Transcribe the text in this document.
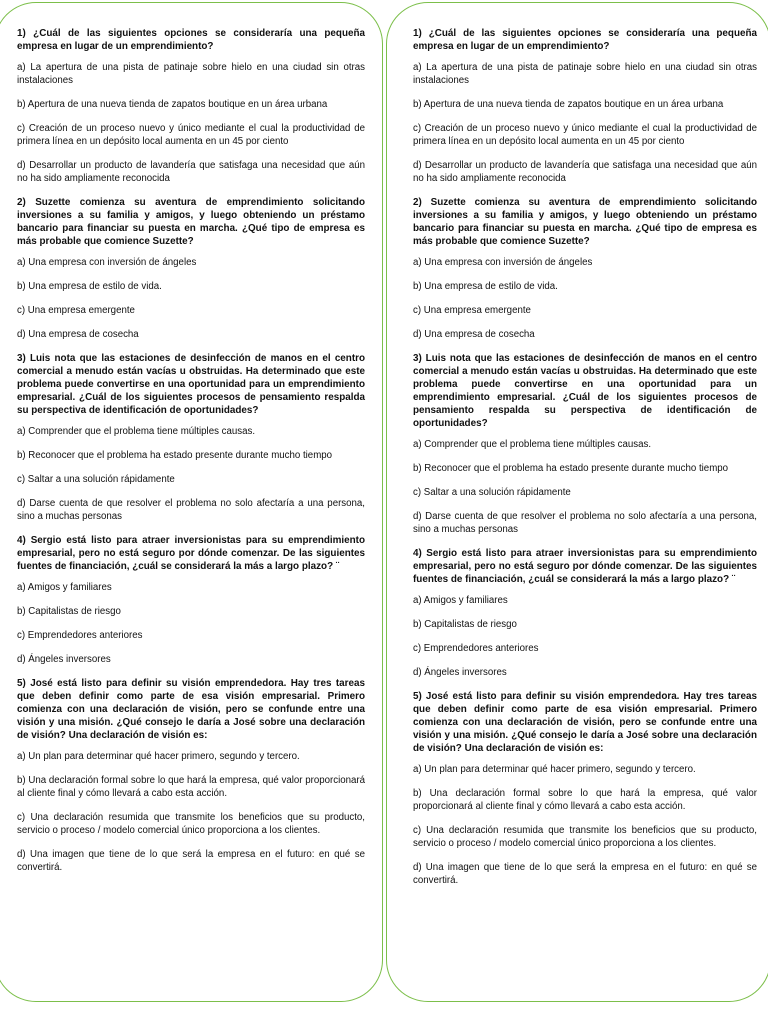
1) ¿Cuál de las siguientes opciones se consideraría una pequeña empresa en lugar de un emprendimiento?

a) La apertura de una pista de patinaje sobre hielo en una ciudad sin otras instalaciones

b) Apertura de una nueva tienda de zapatos boutique en un área urbana

c) Creación de un proceso nuevo y único mediante el cual la productividad de primera línea en un depósito local aumenta en un 45 por ciento

d) Desarrollar un producto de lavandería que satisfaga una necesidad que aún no ha sido ampliamente reconocida

2) Suzette comienza su aventura de emprendimiento solicitando inversiones a su familia y amigos, y luego obteniendo un préstamo bancario para financiar su puesta en marcha. ¿Qué tipo de empresa es más probable que comience Suzette?

a) Una empresa con inversión de ángeles

b) Una empresa de estilo de vida.

c) Una empresa emergente

d) Una empresa de cosecha

3) Luis nota que las estaciones de desinfección de manos en el centro comercial a menudo están vacías u obstruidas. Ha determinado que este problema puede convertirse en una oportunidad para un emprendimiento empresarial. ¿Cuál de los siguientes procesos de pensamiento respalda su perspectiva de identificación de oportunidades?

a) Comprender que el problema tiene múltiples causas.

b) Reconocer que el problema ha estado presente durante mucho tiempo

c) Saltar a una solución rápidamente

d) Darse cuenta de que resolver el problema no solo afectaría a una persona, sino a muchas personas

4) Sergio está listo para atraer inversionistas para su emprendimiento empresarial, pero no está seguro por dónde comenzar. De las siguientes fuentes de financiación, ¿cuál se considerará la más a largo plazo? ¨

a) Amigos y familiares

b) Capitalistas de riesgo

c) Emprendedores anteriores

d) Ángeles inversores

5) José está listo para definir su visión emprendedora. Hay tres tareas que deben definir como parte de esa visión empresarial. Primero comienza con una declaración de visión, pero se confunde entre una visión y una misión. ¿Qué consejo le daría a José sobre una declaración de visión? Una declaración de visión es:

a) Un plan para determinar qué hacer primero, segundo y tercero.

b) Una declaración formal sobre lo que hará la empresa, qué valor proporcionará al cliente final y cómo llevará a cabo esta acción.

c) Una declaración resumida que transmite los beneficios que su producto, servicio o proceso / modelo comercial único proporciona a los clientes.

d) Una imagen que tiene de lo que será la empresa en el futuro: en qué se convertirá.

1) ¿Cuál de las siguientes opciones se consideraría una pequeña empresa en lugar de un emprendimiento?

a) La apertura de una pista de patinaje sobre hielo en una ciudad sin otras instalaciones

b) Apertura de una nueva tienda de zapatos boutique en un área urbana

c) Creación de un proceso nuevo y único mediante el cual la productividad de primera línea en un depósito local aumenta en un 45 por ciento

d) Desarrollar un producto de lavandería que satisfaga una necesidad que aún no ha sido ampliamente reconocida

2) Suzette comienza su aventura de emprendimiento solicitando inversiones a su familia y amigos, y luego obteniendo un préstamo bancario para financiar su puesta en marcha. ¿Qué tipo de empresa es más probable que comience Suzette?

a) Una empresa con inversión de ángeles

b) Una empresa de estilo de vida.

c) Una empresa emergente

d) Una empresa de cosecha

3) Luis nota que las estaciones de desinfección de manos en el centro comercial a menudo están vacías u obstruidas. Ha determinado que este problema puede convertirse en una oportunidad para un emprendimiento empresarial. ¿Cuál de los siguientes procesos de pensamiento respalda su perspectiva de identificación de oportunidades?

a) Comprender que el problema tiene múltiples causas.

b) Reconocer que el problema ha estado presente durante mucho tiempo

c) Saltar a una solución rápidamente

d) Darse cuenta de que resolver el problema no solo afectaría a una persona, sino a muchas personas

4) Sergio está listo para atraer inversionistas para su emprendimiento empresarial, pero no está seguro por dónde comenzar. De las siguientes fuentes de financiación, ¿cuál se considerará la más a largo plazo? ¨

a) Amigos y familiares

b) Capitalistas de riesgo

c) Emprendedores anteriores

d) Ángeles inversores

5) José está listo para definir su visión emprendedora. Hay tres tareas que deben definir como parte de esa visión empresarial. Primero comienza con una declaración de visión, pero se confunde entre una visión y una misión. ¿Qué consejo le daría a José sobre una declaración de visión? Una declaración de visión es:

a) Un plan para determinar qué hacer primero, segundo y tercero.

b) Una declaración formal sobre lo que hará la empresa, qué valor proporcionará al cliente final y cómo llevará a cabo esta acción.

c) Una declaración resumida que transmite los beneficios que su producto, servicio o proceso / modelo comercial único proporciona a los clientes.

d) Una imagen que tiene de lo que será la empresa en el futuro: en qué se convertirá.
